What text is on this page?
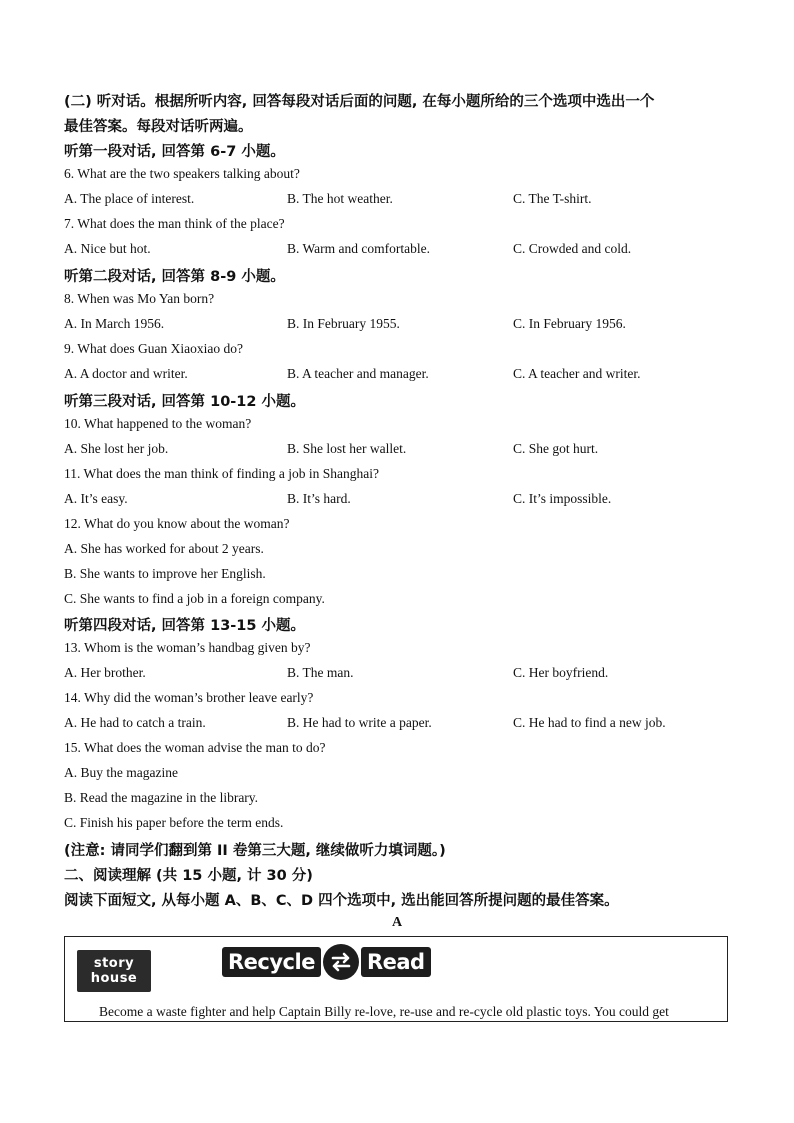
(二) 听对话。根据所听内容, 回答每段对话后面的问题, 在每小题所给的三个选项中选出一个
最佳答案。每段对话听两遍。
听第一段对话, 回答第 6-7 小题。
6. What are the two speakers talking about?
A. The place of interest.	B. The hot weather.	C. The T-shirt.
7. What does the man think of the place?
A. Nice but hot.	B. Warm and comfortable.	C. Crowded and cold.
听第二段对话, 回答第 8-9 小题。
8. When was Mo Yan born?
A. In March 1956.	B. In February 1955.	C. In February 1956.
9. What does Guan Xiaoxiao do?
A. A doctor and writer.	B. A teacher and manager.	C. A teacher and writer.
听第三段对话, 回答第 10-12 小题。
10. What happened to the woman?
A. She lost her job.	B. She lost her wallet.	C. She got hurt.
11. What does the man think of finding a job in Shanghai?
A. It’s easy.	B. It’s hard.	C. It’s impossible.
12. What do you know about the woman?
A. She has worked for about 2 years.
B. She wants to improve her English.
C. She wants to find a job in a foreign company.
听第四段对话, 回答第 13-15 小题。
13. Whom is the woman’s handbag given by?
A. Her brother.	B. The man.	C. Her boyfriend.
14. Why did the woman’s brother leave early?
A. He had to catch a train.	B. He had to write a paper.	C. He had to find a new job.
15. What does the woman advise the man to do?
A. Buy the magazine
B. Read the magazine in the library.
C. Finish his paper before the term ends.
(注意: 请同学们翻到第 II 卷第三大题, 继续做听力填词题。)
二、阅读理解 (共 15 小题, 计 30 分)
阅读下面短文, 从每小题 A、B、C、D 四个选项中, 选出能回答所提问题的最佳答案。
A
story
house
Recycle Read
Become a waste fighter and help Captain Billy re-love, re-use and re-cycle old plastic toys. You could get
